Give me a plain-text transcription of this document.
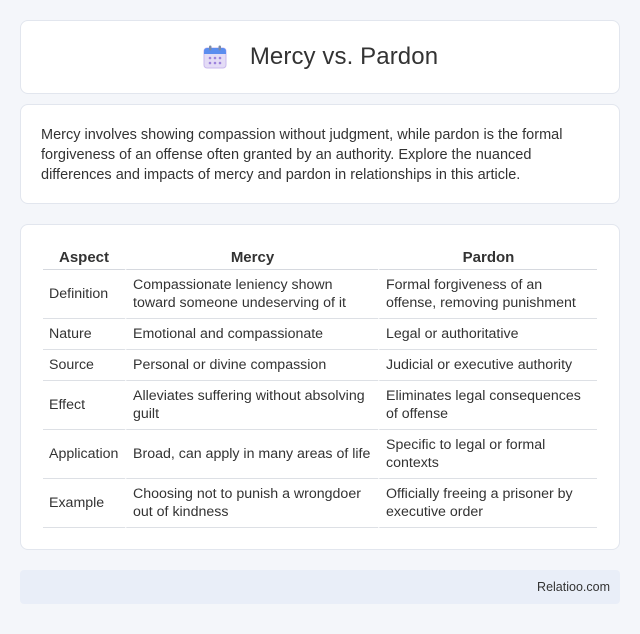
Mercy vs. Pardon

Mercy involves showing compassion without judgment, while pardon is the formal forgiveness of an offense often granted by an authority. Explore the nuanced differences and impacts of mercy and pardon in relationships in this article.

Aspect	Mercy	Pardon
Definition	Compassionate leniency shown toward someone undeserving of it	Formal forgiveness of an offense, removing punishment
Nature	Emotional and compassionate	Legal or authoritative
Source	Personal or divine compassion	Judicial or executive authority
Effect	Alleviates suffering without absolving guilt	Eliminates legal consequences of offense
Application	Broad, can apply in many areas of life	Specific to legal or formal contexts
Example	Choosing not to punish a wrongdoer out of kindness	Officially freeing a prisoner by executive order
Relatioo.com
